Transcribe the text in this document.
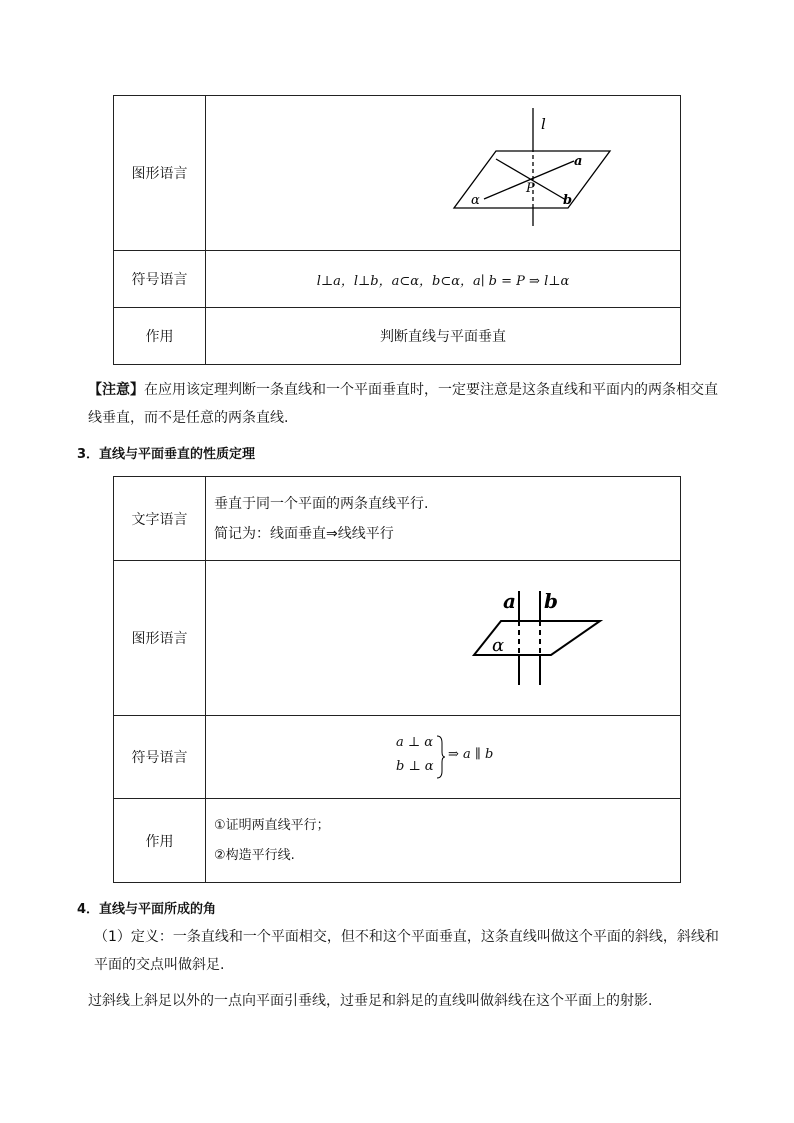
图形语言	l
a
P
b
α

符号语言	l⊥a，l⊥b，a⊂α，b⊂α，a∣ b = P ⇒ l⊥α
作用	判断直线与平面垂直
【注意】在应用该定理判断一条直线和一个平面垂直时，一定要注意是这条直线和平面内的两条相交直线垂直，而不是任意的两条直线.
3．直线与平面垂直的性质定理
文字语言	垂直于同一个平面的两条直线平行.
简记为：线面垂直⇒线线平行

图形语言	a b
α

符号语言	a ⊥ α
b ⊥ α
⇒ a ∥ b

作用	①证明两直线平行；
②构造平行线.
4．直线与平面所成的角
（1）定义：一条直线和一个平面相交，但不和这个平面垂直，这条直线叫做这个平面的斜线，斜线和平面的交点叫做斜足.
过斜线上斜足以外的一点向平面引垂线，过垂足和斜足的直线叫做斜线在这个平面上的射影.
